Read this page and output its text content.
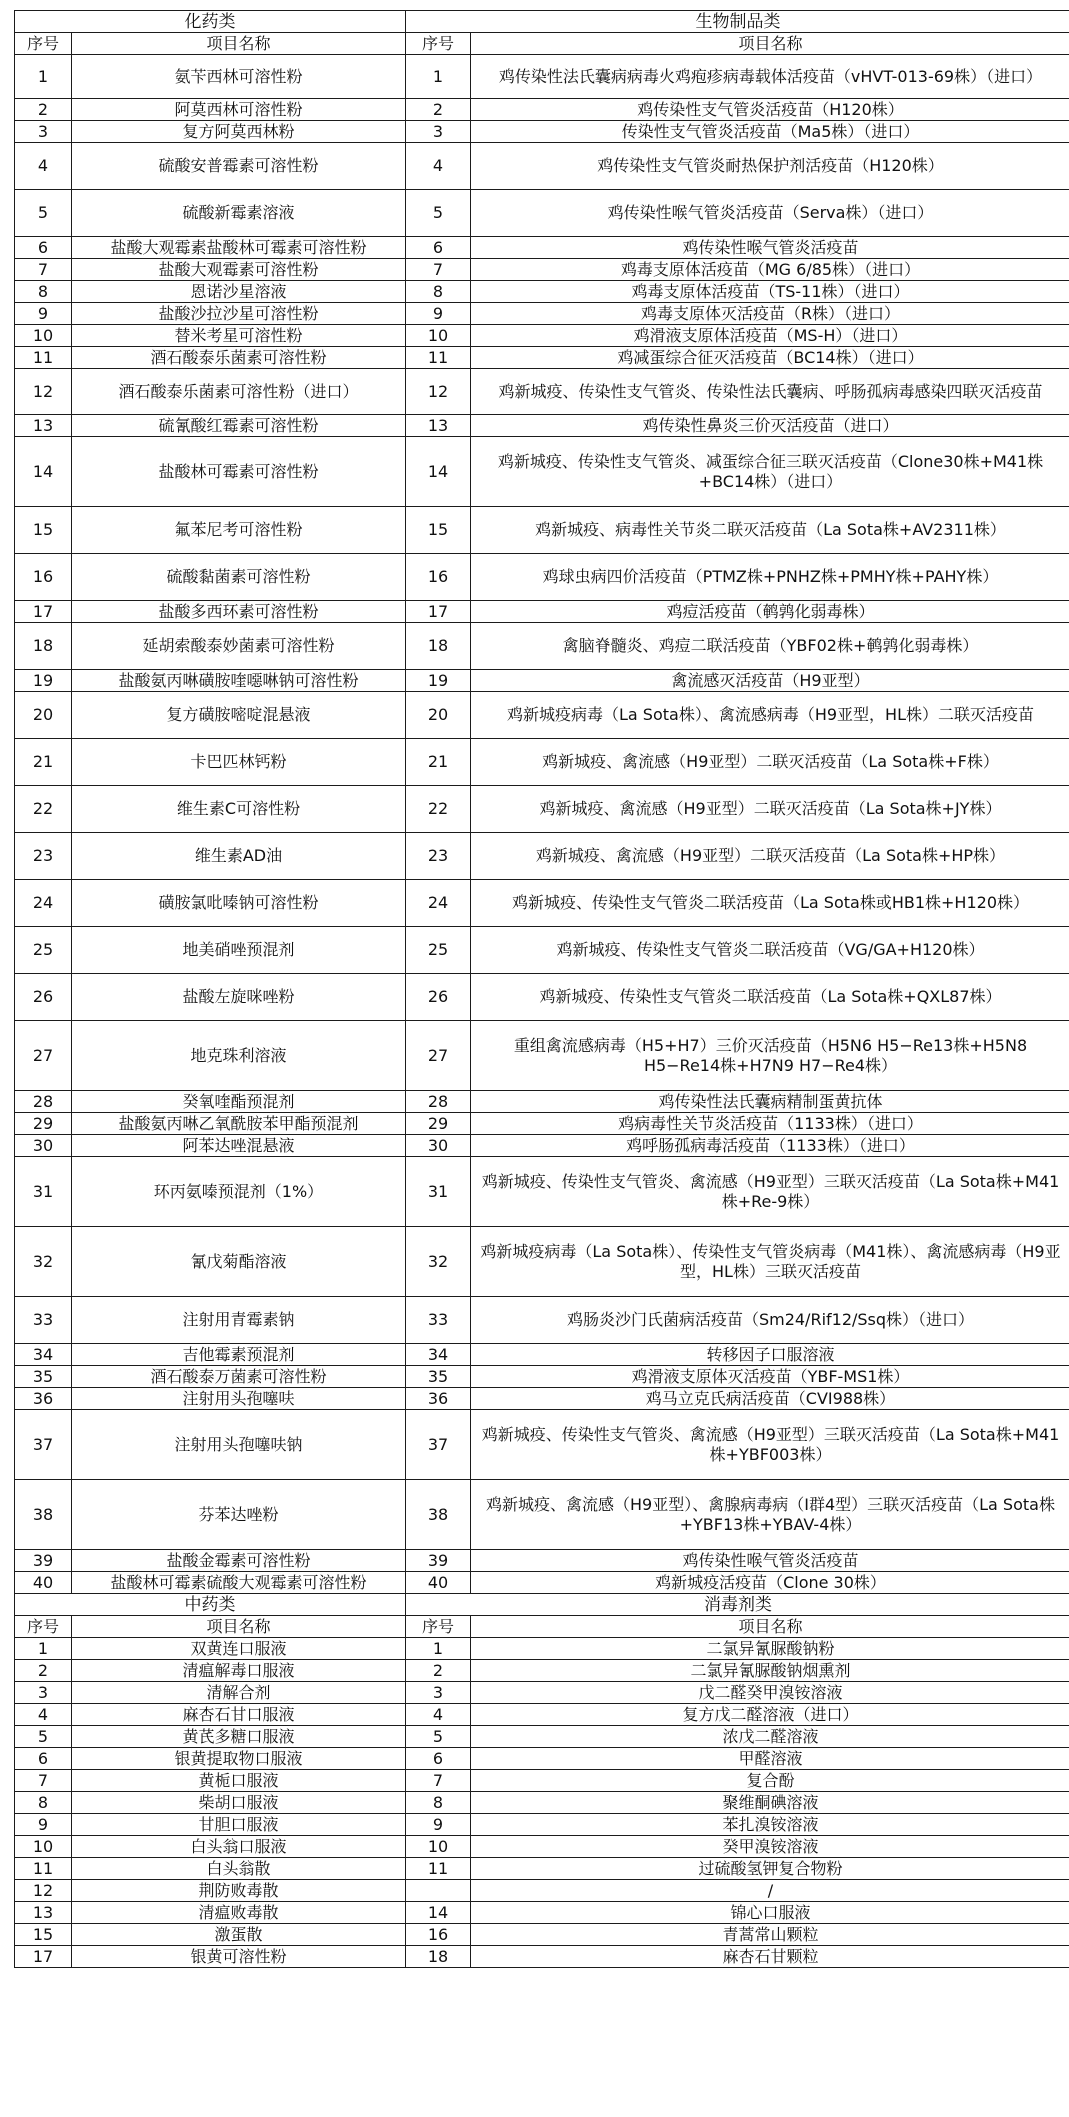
化药类		生物制品类	
序号	项目名称	序号	项目名称
1	氨苄西林可溶性粉	1	鸡传染性法氏囊病病毒火鸡疱疹病毒载体活疫苗（vHVT-013-69株）（进口）
2	阿莫西林可溶性粉	2	鸡传染性支气管炎活疫苗（H120株）
3	复方阿莫西林粉	3	传染性支气管炎活疫苗（Ma5株）（进口）
4	硫酸安普霉素可溶性粉	4	鸡传染性支气管炎耐热保护剂活疫苗（H120株）
5	硫酸新霉素溶液	5	鸡传染性喉气管炎活疫苗（Serva株）（进口）
6	盐酸大观霉素盐酸林可霉素可溶性粉	6	鸡传染性喉气管炎活疫苗
7	盐酸大观霉素可溶性粉	7	鸡毒支原体活疫苗（MG 6/85株）（进口）
8	恩诺沙星溶液	8	鸡毒支原体活疫苗（TS-11株）（进口）
9	盐酸沙拉沙星可溶性粉	9	鸡毒支原体灭活疫苗（R株）（进口）
10	替米考星可溶性粉	10	鸡滑液支原体活疫苗（MS-H）（进口）
11	酒石酸泰乐菌素可溶性粉	11	鸡减蛋综合征灭活疫苗（BC14株）（进口）
12	酒石酸泰乐菌素可溶性粉（进口）	12	鸡新城疫、传染性支气管炎、传染性法氏囊病、呼肠孤病毒感染四联灭活疫苗
13	硫氰酸红霉素可溶性粉	13	鸡传染性鼻炎三价灭活疫苗（进口）
14	盐酸林可霉素可溶性粉	14	鸡新城疫、传染性支气管炎、减蛋综合征三联灭活疫苗（Clone30株+M41株+BC14株）（进口）
15	氟苯尼考可溶性粉	15	鸡新城疫、病毒性关节炎二联灭活疫苗（La Sota株+AV2311株）
16	硫酸黏菌素可溶性粉	16	鸡球虫病四价活疫苗（PTMZ株+PNHZ株+PMHY株+PAHY株）
17	盐酸多西环素可溶性粉	17	鸡痘活疫苗（鹌鹑化弱毒株）
18	延胡索酸泰妙菌素可溶性粉	18	禽脑脊髓炎、鸡痘二联活疫苗（YBF02株+鹌鹑化弱毒株）
19	盐酸氨丙啉磺胺喹噁啉钠可溶性粉	19	禽流感灭活疫苗（H9亚型）
20	复方磺胺嘧啶混悬液	20	鸡新城疫病毒（La Sota株）、禽流感病毒（H9亚型，HL株）二联灭活疫苗
21	卡巴匹林钙粉	21	鸡新城疫、禽流感（H9亚型）二联灭活疫苗（La Sota株+F株）
22	维生素C可溶性粉	22	鸡新城疫、禽流感（H9亚型）二联灭活疫苗（La Sota株+JY株）
23	维生素AD油	23	鸡新城疫、禽流感（H9亚型）二联灭活疫苗（La Sota株+HP株）
24	磺胺氯吡嗪钠可溶性粉	24	鸡新城疫、传染性支气管炎二联活疫苗（La Sota株或HB1株+H120株）
25	地美硝唑预混剂	25	鸡新城疫、传染性支气管炎二联活疫苗（VG/GA+H120株）
26	盐酸左旋咪唑粉	26	鸡新城疫、传染性支气管炎二联活疫苗（La Sota株+QXL87株）
27	地克珠利溶液	27	重组禽流感病毒（H5+H7）三价灭活疫苗（H5N6 H5−Re13株+H5N8 H5−Re14株+H7N9 H7−Re4株）
28	癸氧喹酯预混剂	28	鸡传染性法氏囊病精制蛋黄抗体
29	盐酸氨丙啉乙氧酰胺苯甲酯预混剂	29	鸡病毒性关节炎活疫苗（1133株）（进口）
30	阿苯达唑混悬液	30	鸡呼肠孤病毒活疫苗（1133株）（进口）
31	环丙氨嗪预混剂（1%）	31	鸡新城疫、传染性支气管炎、禽流感（H9亚型）三联灭活疫苗（La Sota株+M41株+Re-9株）
32	氰戊菊酯溶液	32	鸡新城疫病毒（La Sota株）、传染性支气管炎病毒（M41株）、禽流感病毒（H9亚型，HL株）三联灭活疫苗
33	注射用青霉素钠	33	鸡肠炎沙门氏菌病活疫苗（Sm24/Rif12/Ssq株）（进口）
34	吉他霉素预混剂	34	转移因子口服溶液
35	酒石酸泰万菌素可溶性粉	35	鸡滑液支原体灭活疫苗（YBF-MS1株）
36	注射用头孢噻呋	36	鸡马立克氏病活疫苗（CVI988株）
37	注射用头孢噻呋钠	37	鸡新城疫、传染性支气管炎、禽流感（H9亚型）三联灭活疫苗（La Sota株+M41株+YBF003株）
38	芬苯达唑粉	38	鸡新城疫、禽流感（H9亚型）、禽腺病毒病（I群4型）三联灭活疫苗（La Sota株+YBF13株+YBAV-4株）
39	盐酸金霉素可溶性粉	39	鸡传染性喉气管炎活疫苗
40	盐酸林可霉素硫酸大观霉素可溶性粉	40	鸡新城疫活疫苗（Clone 30株）
中药类		消毒剂类	
序号	项目名称	序号	项目名称
1	双黄连口服液	1	二氯异氰脲酸钠粉
2	清瘟解毒口服液	2	二氯异氰脲酸钠烟熏剂
3	清解合剂	3	戊二醛癸甲溴铵溶液
4	麻杏石甘口服液	4	复方戊二醛溶液（进口）
5	黄芪多糖口服液	5	浓戊二醛溶液
6	银黄提取物口服液	6	甲醛溶液
7	黄栀口服液	7	复合酚
8	柴胡口服液	8	聚维酮碘溶液
9	甘胆口服液	9	苯扎溴铵溶液
10	白头翁口服液	10	癸甲溴铵溶液
11	白头翁散	11	过硫酸氢钾复合物粉
12	荆防败毒散		/
13	清瘟败毒散	14	锦心口服液
15	激蛋散	16	青蒿常山颗粒
17	银黄可溶性粉	18	麻杏石甘颗粒
